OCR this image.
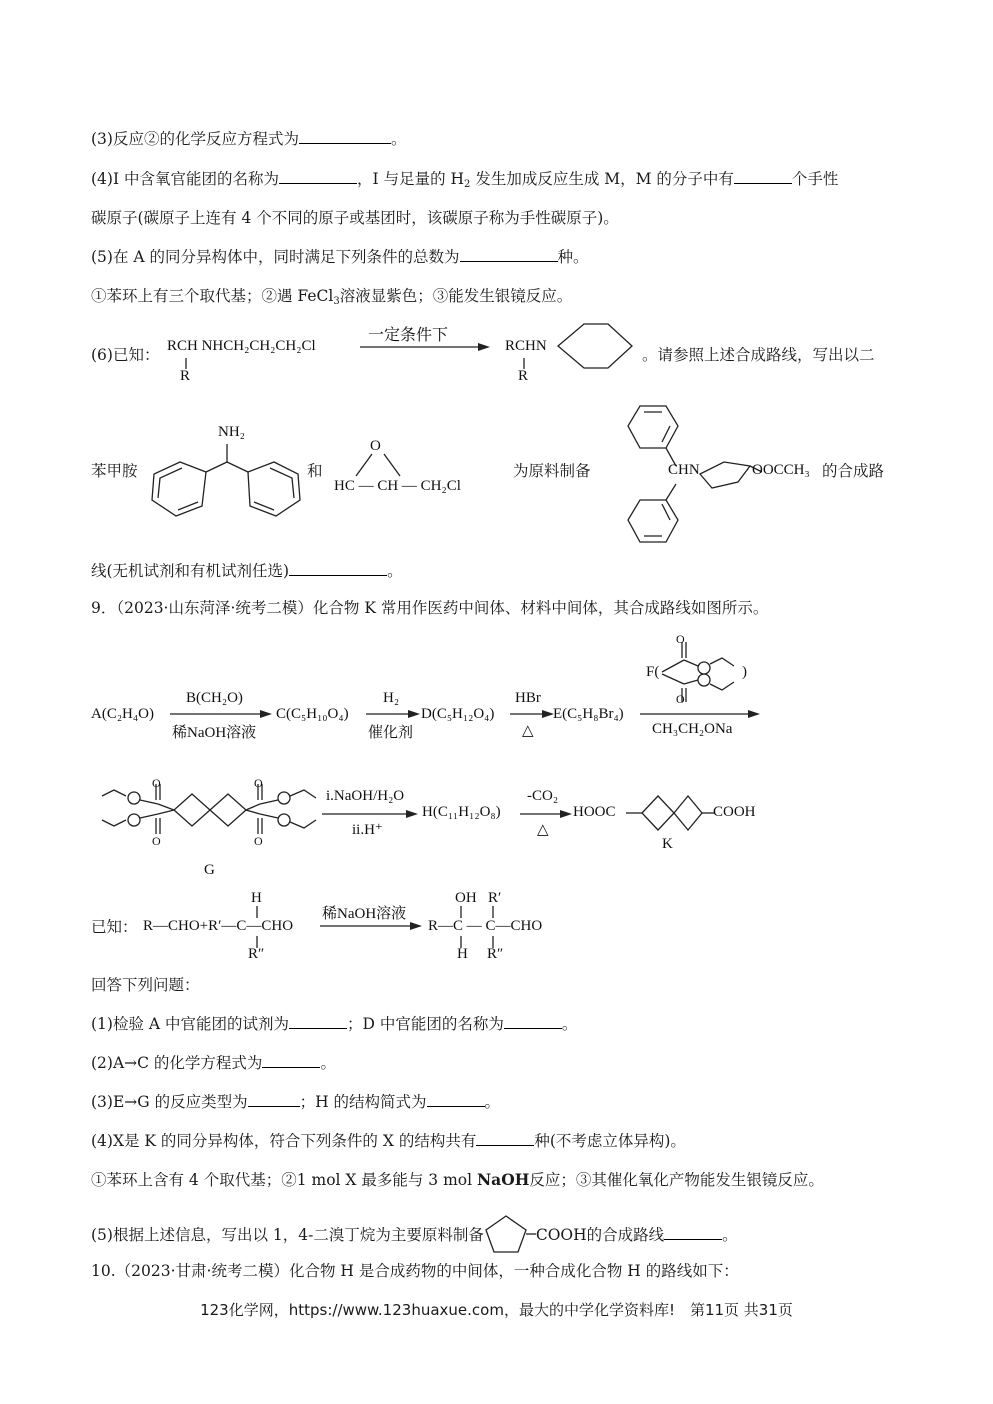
(3)反应②的化学反应方程式为	。
(4)I 中含氧官能团的名称为	，I 与足量的 $H_2$ 发生加成反应生成 M，M 的分子中有	个手性
碳原子(碳原子上连有 4 个不同的原子或基团时，该碳原子称为手性碳原子)。
(5)在 A 的同分异构体中，同时满足下列条件的总数为	种。
①苯环上有三个取代基；②遇 FeCl$_3$溶液显紫色；③能发生银镜反应。
(6)已知： RCH NHCH₂CH₂CH₂Cl
R
一定条件下
RCHN
R
。请参照上述合成路线，写出以二
苯甲胺
NH₂
和
O
HC — CH — CH₂Cl
为原料制备	CHN	OOCCH₃ 的合成路
线(无机试剂和有机试剂任选)	。
9．（2023·山东菏泽·统考二模）化合物 K 常用作医药中间体、材料中间体，其合成路线如图所示。
A(C₂H₄O)
B(CH₂O)
稀NaOH溶液
C(C₅H₁₀O₄)
H₂
催化剂
D(C₅H₁₂O₄)
HBr
△
E(C₅H₈Br₄)
F(
O
O
)
CH₃CH₂ONa
O
O
O
O
G
i.NaOH/H₂O
ii.H⁺
H(C₁₁H₁₂O₈)
-CO₂
△
HOOC	COOH
K
已知： R—CHO+R′—C—CHO
H
R″
稀NaOH溶液
R—C — C—CHO
OH R′
H R″
回答下列问题：
(1)检验 A 中官能团的试剂为	；D 中官能团的名称为	。
(2)A→C 的化学方程式为	。
(3)E→G 的反应类型为	；H 的结构简式为	。
(4)X是 K 的同分异构体，符合下列条件的 X 的结构共有	种(不考虑立体异构)。
①苯环上含有 4 个取代基；②1 mol X 最多能与 3 mol NaOH反应；③其催化氧化产物能发生银镜反应。
(5)根据上述信息，写出以 1，4-二溴丁烷为主要原料制备	COOH的合成路线	。
10.（2023·甘肃·统考二模）化合物 H 是合成药物的中间体，一种合成化合物 H 的路线如下：
123化学网，https://www.123huaxue.com，最大的中学化学资料库!　第11页 共31页
